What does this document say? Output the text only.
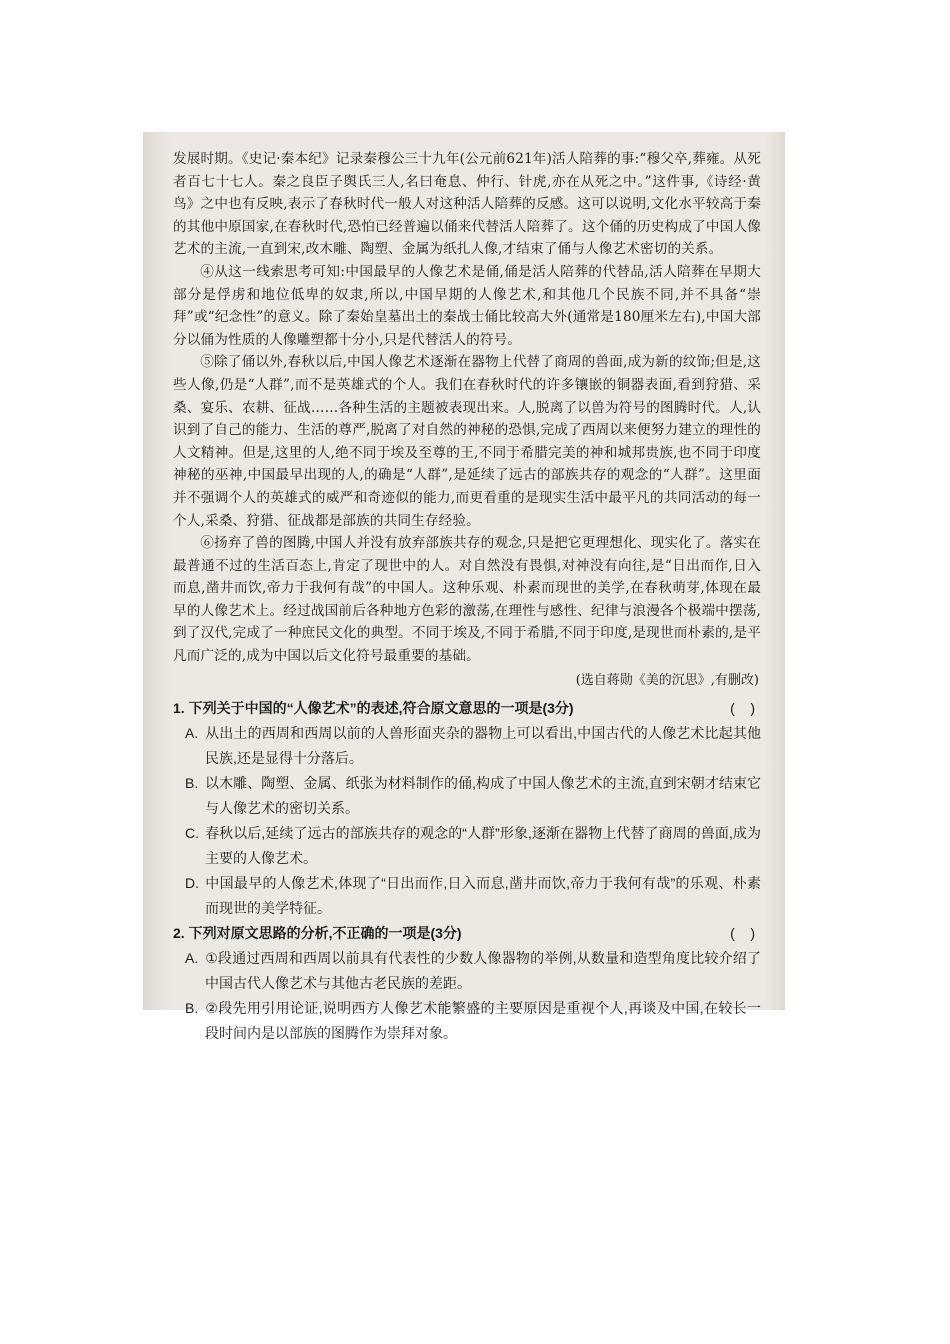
发展时期。《史记·秦本纪》记录秦穆公三十九年(公元前621年)活人陪葬的事:“穆父卒,葬雍。从死者百七十七人。秦之良臣子舆氏三人,名曰奄息、仲行、针虎,亦在从死之中。”这件事,《诗经·黄鸟》之中也有反映,表示了春秋时代一般人对这种活人陪葬的反感。这可以说明,文化水平较高于秦的其他中原国家,在春秋时代,恐怕已经普遍以俑来代替活人陪葬了。这个俑的历史构成了中国人像艺术的主流,一直到宋,改木雕、陶塑、金属为纸扎人像,才结束了俑与人像艺术密切的关系。

④从这一线索思考可知:中国最早的人像艺术是俑,俑是活人陪葬的代替品,活人陪葬在早期大部分是俘虏和地位低卑的奴隶,所以,中国早期的人像艺术,和其他几个民族不同,并不具备“崇拜”或“纪念性”的意义。除了秦始皇墓出土的秦战士俑比较高大外(通常是180厘米左右),中国大部分以俑为性质的人像雕塑都十分小,只是代替活人的符号。

⑤除了俑以外,春秋以后,中国人像艺术逐渐在器物上代替了商周的兽面,成为新的纹饰;但是,这些人像,仍是“人群”,而不是英雄式的个人。我们在春秋时代的许多镶嵌的铜器表面,看到狩猎、采桑、宴乐、农耕、征战……各种生活的主题被表现出来。人,脱离了以兽为符号的图腾时代。人,认识到了自己的能力、生活的尊严,脱离了对自然的神秘的恐惧,完成了西周以来便努力建立的理性的人文精神。但是,这里的人,绝不同于埃及至尊的王,不同于希腊完美的神和城邦贵族,也不同于印度神秘的巫神,中国最早出现的人,的确是“人群”,是延续了远古的部族共存的观念的“人群”。这里面并不强调个人的英雄式的威严和奇迹似的能力,而更看重的是现实生活中最平凡的共同活动的每一个人,采桑、狩猎、征战都是部族的共同生存经验。

⑥扬弃了兽的图腾,中国人并没有放弃部族共存的观念,只是把它更理想化、现实化了。落实在最普通不过的生活百态上,肯定了现世中的人。对自然没有畏惧,对神没有向往,是“日出而作,日入而息,凿井而饮,帝力于我何有哉”的中国人。这种乐观、朴素而现世的美学,在春秋萌芽,体现在最早的人像艺术上。经过战国前后各种地方色彩的激荡,在理性与感性、纪律与浪漫各个极端中摆荡,到了汉代,完成了一种庶民文化的典型。不同于埃及,不同于希腊,不同于印度,是现世而朴素的,是平凡而广泛的,成为中国以后文化符号最重要的基础。

(选自蒋勋《美的沉思》,有删改)
1. 下列关于中国的“人像艺术”的表述,符合原文意思的一项是(3分)	(    )
A. 从出土的西周和西周以前的人兽形面夹杂的器物上可以看出,中国古代的人像艺术比起其他民族,还是显得十分落后。
B. 以木雕、陶塑、金属、纸张为材料制作的俑,构成了中国人像艺术的主流,直到宋朝才结束它与人像艺术的密切关系。
C. 春秋以后,延续了远古的部族共存的观念的“人群”形象,逐渐在器物上代替了商周的兽面,成为主要的人像艺术。
D. 中国最早的人像艺术,体现了“日出而作,日入而息,凿井而饮,帝力于我何有哉”的乐观、朴素而现世的美学特征。
2. 下列对原文思路的分析,不正确的一项是(3分)	(    )
A. ①段通过西周和西周以前具有代表性的少数人像器物的举例,从数量和造型角度比较介绍了中国古代人像艺术与其他古老民族的差距。
B. ②段先用引用论证,说明西方人像艺术能繁盛的主要原因是重视个人,再谈及中国,在较长一段时间内是以部族的图腾作为崇拜对象。
